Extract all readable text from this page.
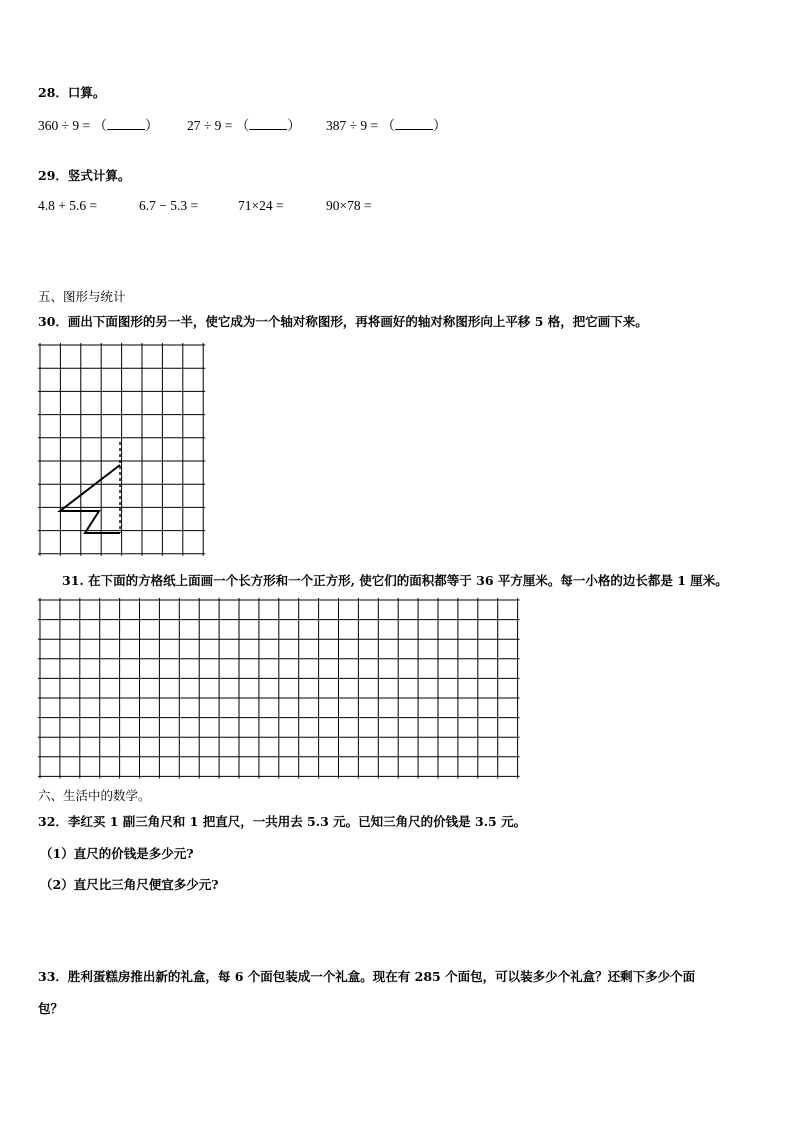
28．口算。
360 ÷ 9 = （	） 27 ÷ 9 = （	） 387 ÷ 9 = （	）
29．竖式计算。
4.8 + 5.6 =	6.7 − 5.3 =	71×24 =	90×78 =
五、图形与统计
30．画出下面图形的另一半，使它成为一个轴对称图形，再将画好的轴对称图形向上平移 5 格，把它画下来。
31. 在下面的方格纸上面画一个长方形和一个正方形, 使它们的面积都等于 36 平方厘米。每一小格的边长都是 1 厘米。
六、生活中的数学。
32．李红买 1 副三角尺和 1 把直尺，一共用去 5.3 元。已知三角尺的价钱是 3.5 元。
（1）直尺的价钱是多少元?
（2）直尺比三角尺便宜多少元?
33．胜利蛋糕房推出新的礼盒，每 6 个面包装成一个礼盒。现在有 285 个面包，可以装多少个礼盒？还剩下多少个面
包？
